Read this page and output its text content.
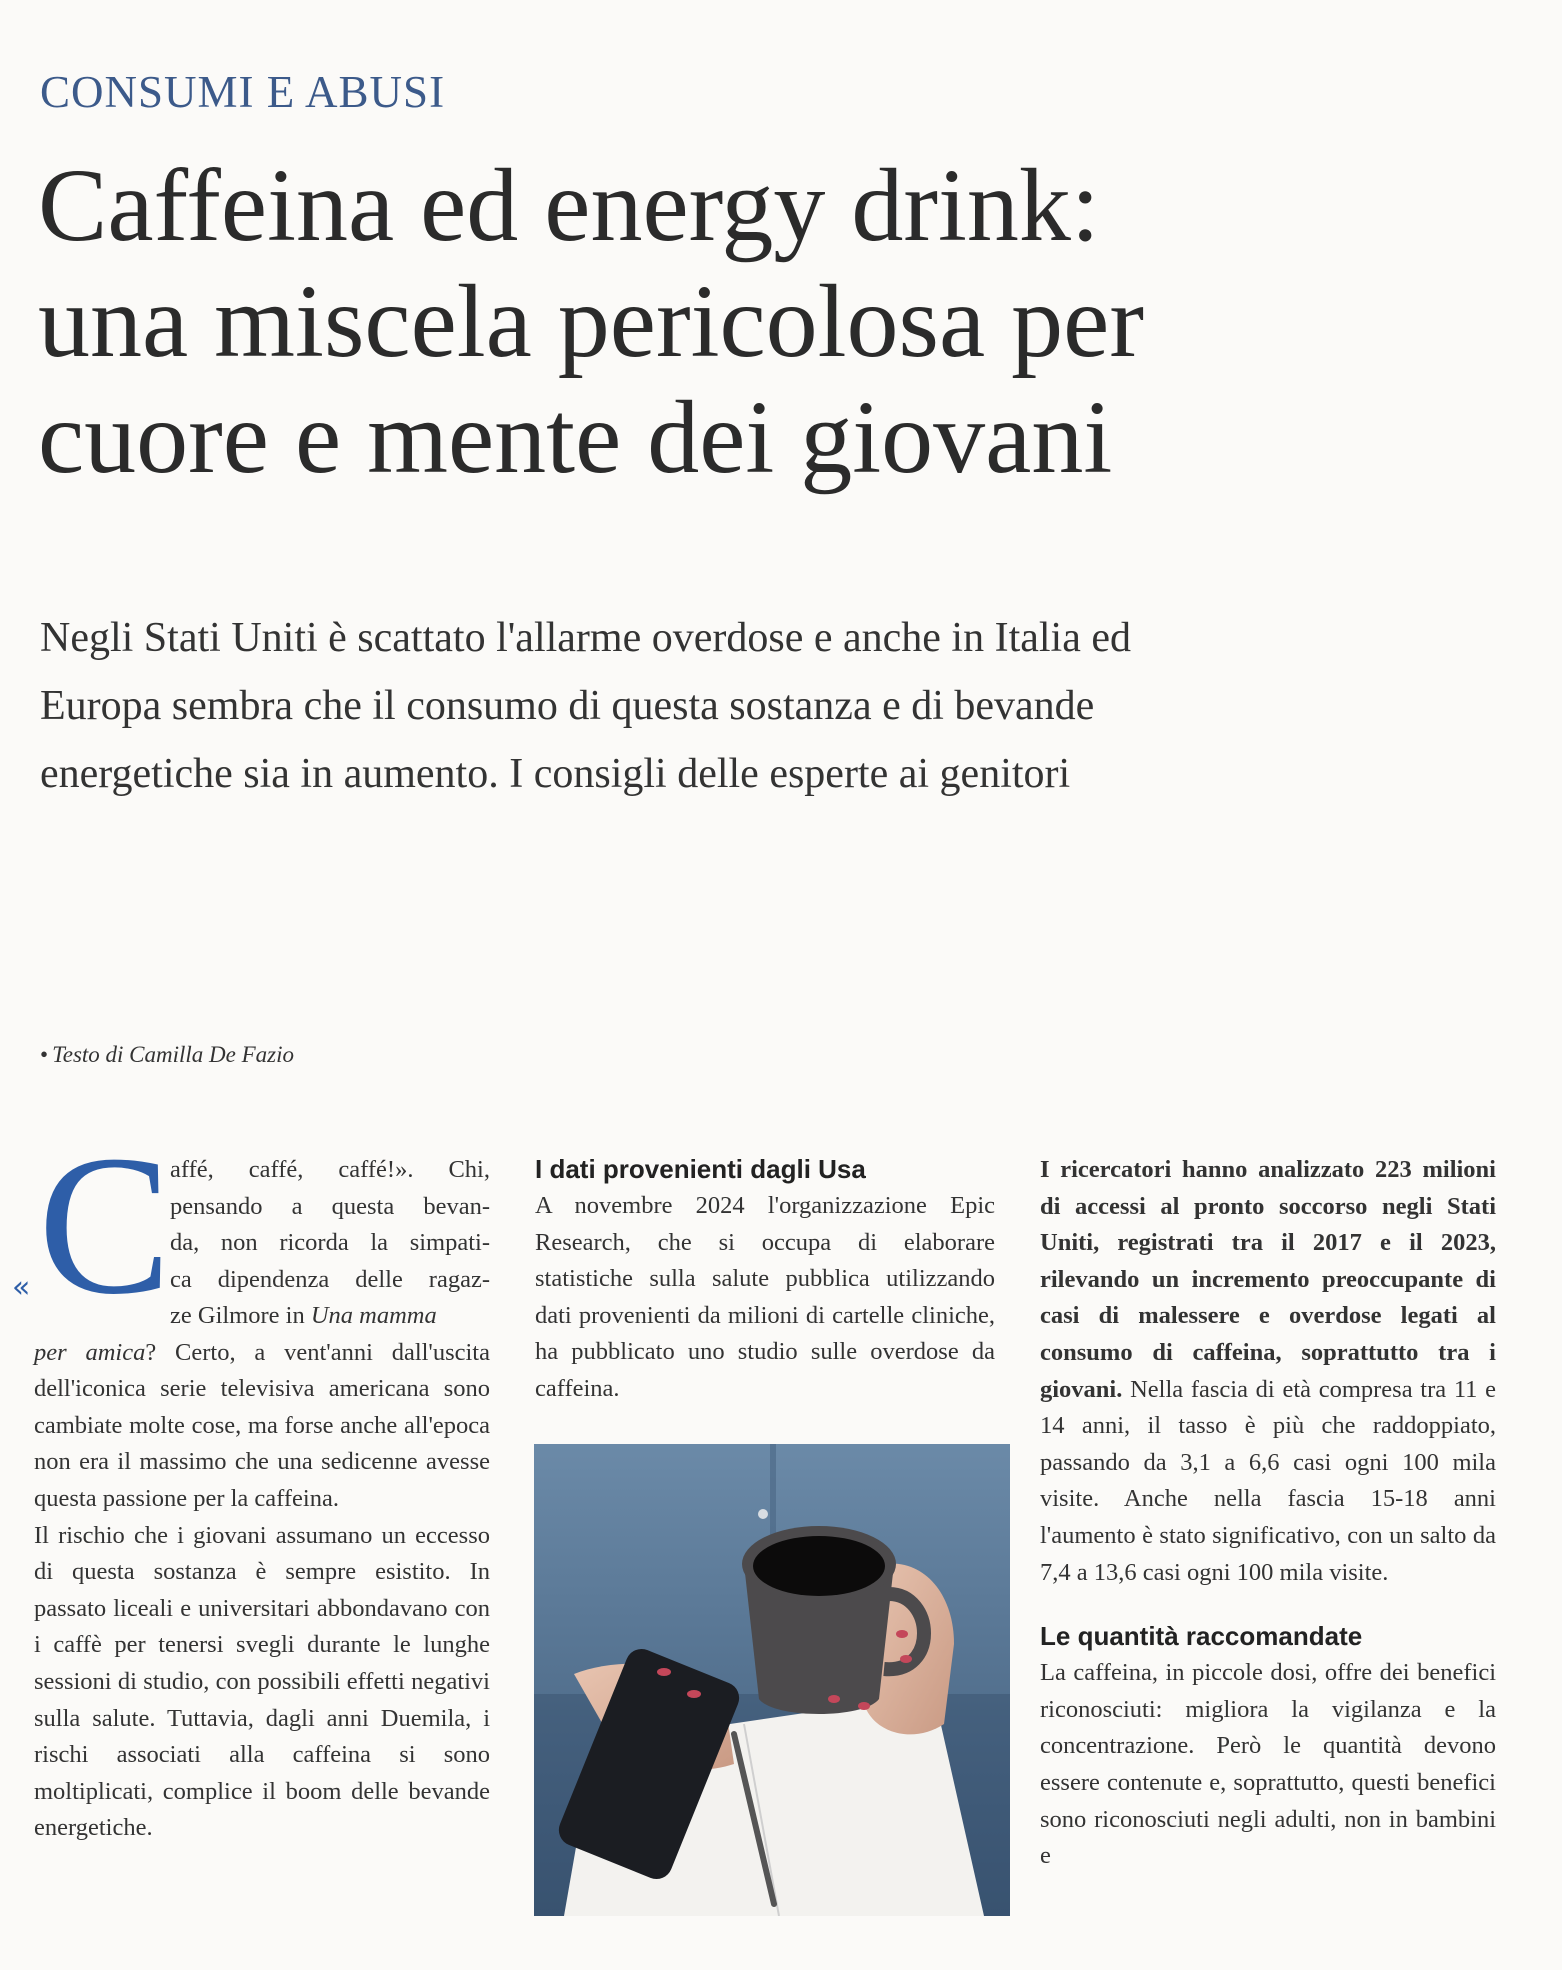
CONSUMI E ABUSI
Caffeina ed energy drink:
una miscela pericolosa per
cuore e mente dei giovani
Negli Stati Uniti è scattato l'allarme overdose e anche in Italia ed
Europa sembra che il consumo di questa sostanza e di bevande
energetiche sia in aumento. I consigli delle esperte ai genitori
• Testo di Camilla De Fazio
C
«
affé, caffé, caffé!». Chi,
pensando a questa bevan-
da, non ricorda la simpati-
ca dipendenza delle ragaz-
ze Gilmore in Una mamma

per amica? Certo, a vent'anni dall'uscita dell'iconica serie televisiva americana sono cambiate molte cose, ma forse anche all'epoca non era il massimo che una sedicenne avesse questa passione per la caffeina.

Il rischio che i giovani assumano un eccesso di questa sostanza è sempre esistito. In passato liceali e universitari abbondavano con i caffè per tenersi svegli durante le lunghe sessioni di studio, con possibili effetti negativi sulla salute. Tuttavia, dagli anni Duemila, i rischi associati alla caffeina si sono moltiplicati, complice il boom delle bevande energetiche.

I dati provenienti dagli Usa

A novembre 2024 l'organizzazione Epic Research, che si occupa di elaborare statistiche sulla salute pubblica utilizzando dati provenienti da milioni di cartelle cliniche, ha pubblicato uno studio sulle overdose da caffeina.

I ricercatori hanno analizzato 223 milioni di accessi al pronto soccorso negli Stati Uniti, registrati tra il 2017 e il 2023, rilevando un incremento preoccupante di casi di malessere e overdose legati al consumo di caffeina, soprattutto tra i giovani. Nella fascia di età compresa tra 11 e 14 anni, il tasso è più che raddoppiato, passando da 3,1 a 6,6 casi ogni 100 mila visite. Anche nella fascia 15-18 anni l'aumento è stato significativo, con un salto da 7,4 a 13,6 casi ogni 100 mila visite.

Le quantità raccomandate

La caffeina, in piccole dosi, offre dei benefici riconosciuti: migliora la vigilanza e la concentrazione. Però le quantità devono essere contenute e, soprattutto, questi benefici sono riconosciuti negli adulti, non in bambini e
